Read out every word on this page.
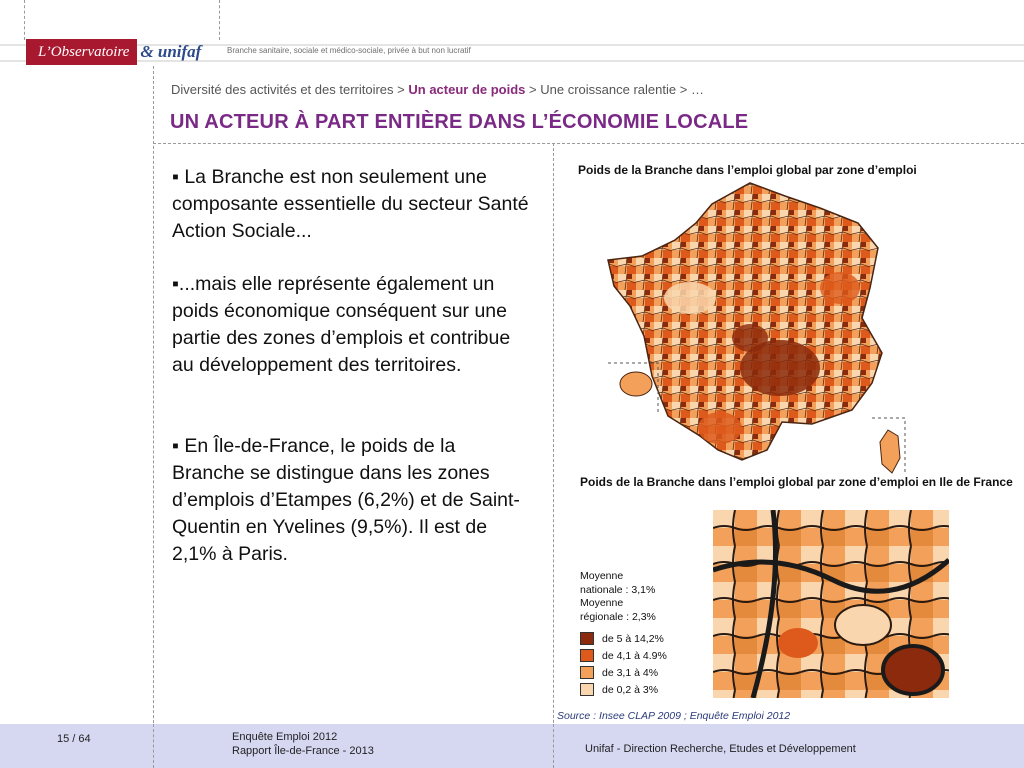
L’Observatoire & unifaf	Branche sanitaire, sociale et médico-sociale, privée à but non lucratif
Diversité des activités et des territoires > Un acteur de poids > Une croissance ralentie > …
UN ACTEUR À PART ENTIÈRE DANS L’ÉCONOMIE LOCALE
▪ La Branche est non seulement une composante essentielle du secteur Santé Action Sociale...
▪...mais elle représente également un poids économique conséquent sur une partie des zones d’emplois et contribue au développement des territoires.
▪ En Île-de-France, le poids de la Branche se distingue dans les zones d’emplois d’Etampes (6,2%) et de Saint-Quentin en Yvelines (9,5%). Il est de 2,1% à Paris.
Poids de la Branche dans l’emploi global par zone d’emploi
Poids de la Branche dans l’emploi global par zone d’emploi en Ile de France
Moyenne
nationale : 3,1%
Moyenne
régionale : 2,3%
de 5 à 14,2%
de 4,1 à 4.9%
de 3,1 à 4%
de 0,2 à 3%
Source : Insee CLAP 2009 ; Enquête Emploi 2012
15 / 64	Enquête Emploi 2012
Rapport Île-de-France - 2013	Unifaf - Direction Recherche, Etudes et Développement
